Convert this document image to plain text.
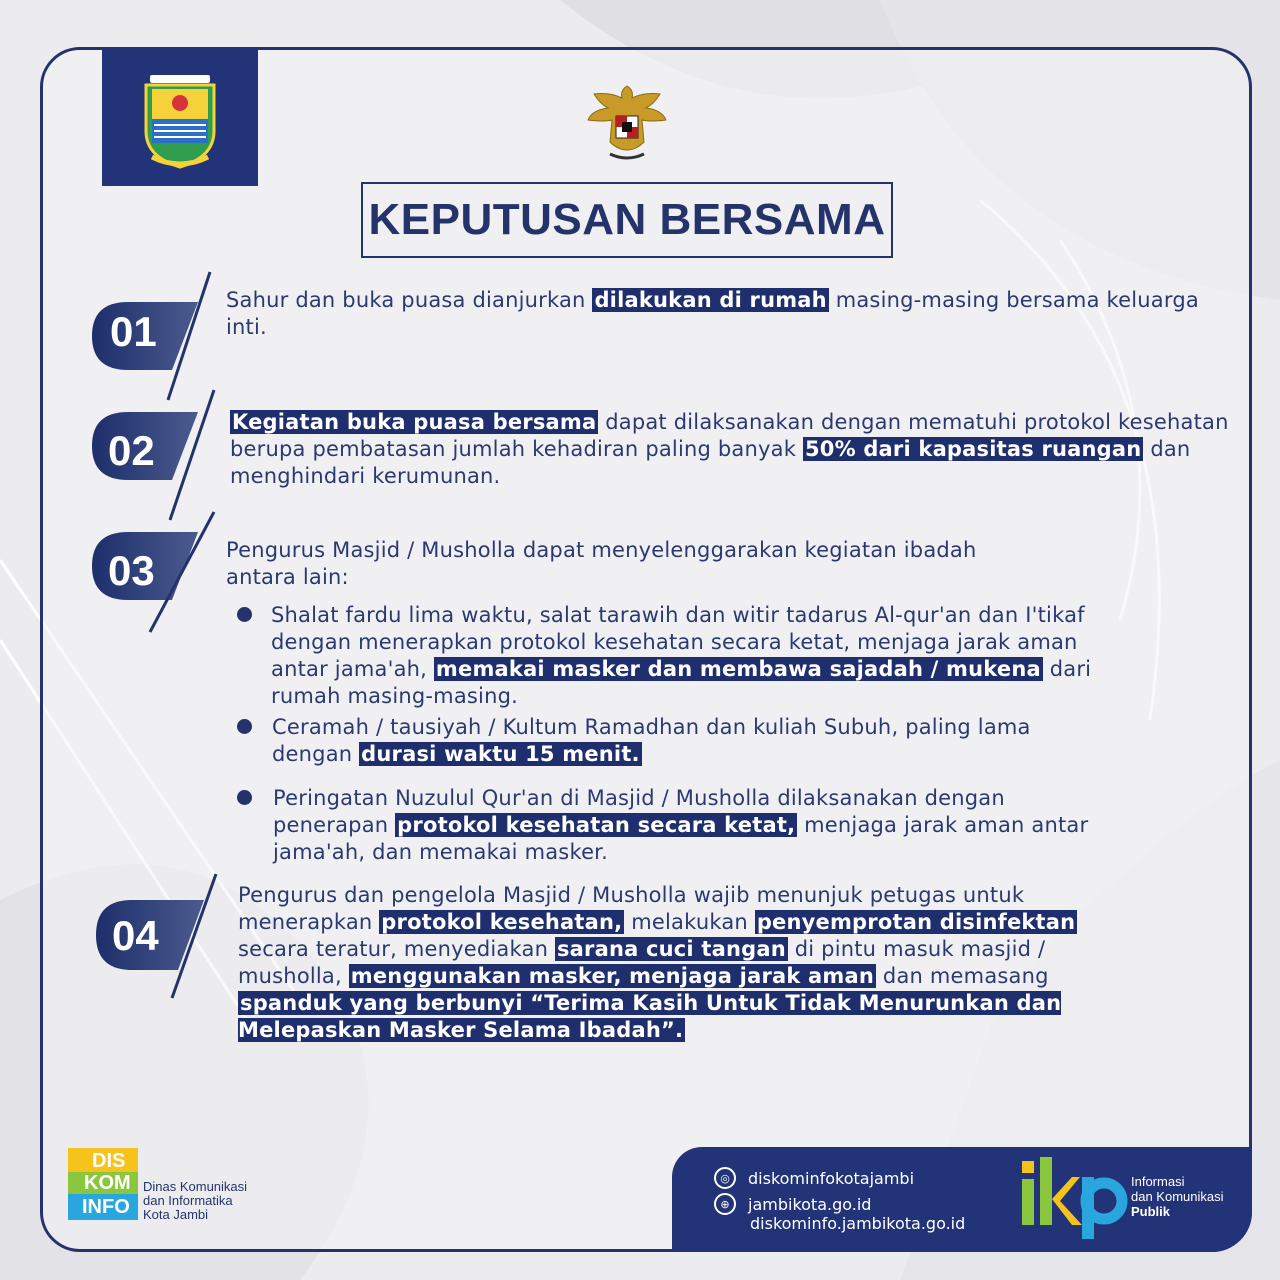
KEPUTUSAN BERSAMA
01
02
03
04
Sahur dan buka puasa dianjurkan dilakukan di rumah masing-masing bersama keluarga inti.
Kegiatan buka puasa bersama dapat dilaksanakan dengan mematuhi protokol kesehatan berupa pembatasan jumlah kehadiran paling banyak 50% dari kapasitas ruangan dan menghindari kerumunan.
Pengurus Masjid / Musholla dapat menyelenggarakan kegiatan ibadah antara lain:
Shalat fardu lima waktu, salat tarawih dan witir tadarus Al-qur'an dan I'tikaf dengan menerapkan protokol kesehatan secara ketat, menjaga jarak aman antar jama'ah, memakai masker dan membawa sajadah / mukena dari rumah masing-masing.
Ceramah / tausiyah / Kultum Ramadhan dan kuliah Subuh, paling lama dengan durasi waktu 15 menit.
Peringatan Nuzulul Qur'an di Masjid / Musholla dilaksanakan dengan penerapan protokol kesehatan secara ketat, menjaga jarak aman antar jama'ah, dan memakai masker.
Pengurus dan pengelola Masjid / Musholla wajib menunjuk petugas untuk menerapkan protokol kesehatan, melakukan penyemprotan disinfektan secara teratur, menyediakan sarana cuci tangan di pintu masuk masjid / musholla, menggunakan masker, menjaga jarak aman dan memasang spanduk yang berbunyi “Terima Kasih Untuk Tidak Menurunkan dan Melepaskan Masker Selama Ibadah”.
DIS
KOM
INFO
Dinas Komunikasi
dan Informatika
Kota Jambi
◎	diskominfokotajambi
⊕	jambikota.go.id
diskominfo.jambikota.go.id
ikp
Informasi
dan Komunikasi
Publik
